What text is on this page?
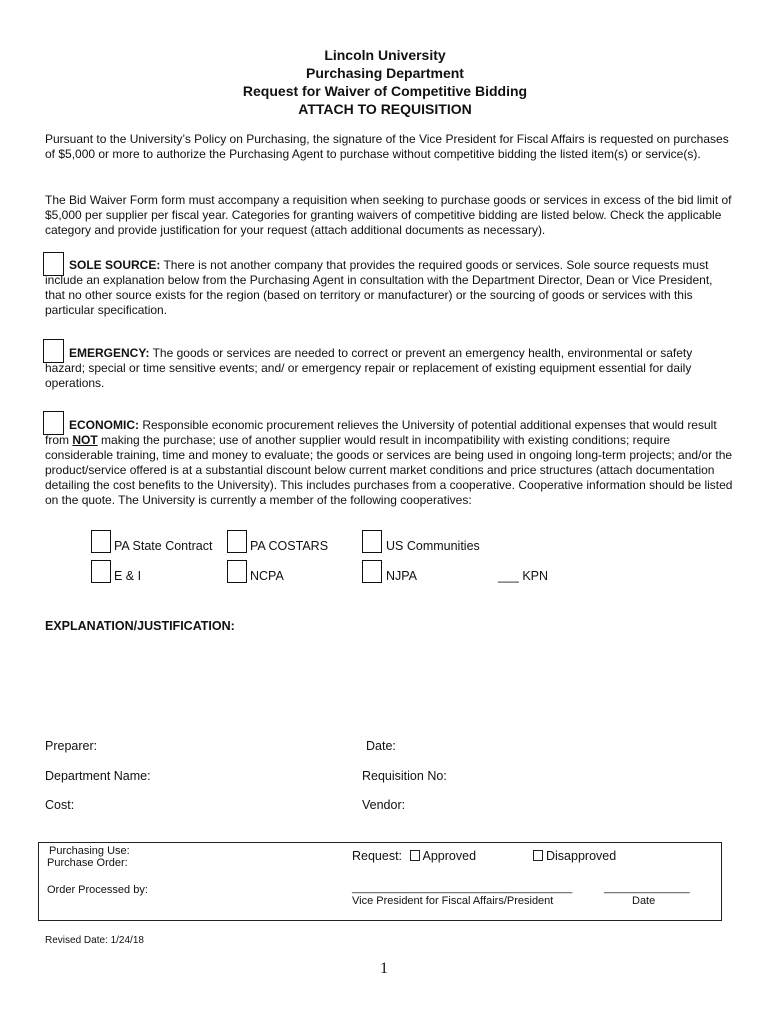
Lincoln University
Purchasing Department
Request for Waiver of Competitive Bidding
ATTACH TO REQUISITION
Pursuant to the University’s Policy on Purchasing, the signature of the Vice President for Fiscal Affairs is requested on purchases of $5,000 or more to authorize the Purchasing Agent to purchase without competitive bidding the listed item(s) or service(s).
The Bid Waiver Form form must accompany a requisition when seeking to purchase goods or services in excess of the bid limit of $5,000 per supplier per fiscal year. Categories for granting waivers of competitive bidding are listed below. Check the applicable category and provide justification for your request (attach additional documents as necessary).
SOLE SOURCE: There is not another company that provides the required goods or services. Sole source requests must include an explanation below from the Purchasing Agent in consultation with the Department Director, Dean or Vice President, that no other source exists for the region (based on territory or manufacturer) or the sourcing of goods or services with this particular specification.
EMERGENCY: The goods or services are needed to correct or prevent an emergency health, environmental or safety hazard; special or time sensitive events; and/ or emergency repair or replacement of existing equipment essential for daily operations.
ECONOMIC: Responsible economic procurement relieves the University of potential additional expenses that would result from NOT making the purchase; use of another supplier would result in incompatibility with existing conditions; require considerable training, time and money to evaluate; the goods or services are being used in ongoing long-term projects; and/or the product/service offered is at a substantial discount below current market conditions and price structures (attach documentation detailing the cost benefits to the University). This includes purchases from a cooperative. Cooperative information should be listed on the quote. The University is currently a member of the following cooperatives:
PA State Contract	PA COSTARS	US Communities
E & I	NCPA	NJPA	___ KPN
EXPLANATION/JUSTIFICATION:
Preparer:	Date:
Department Name:	Requisition No:
Cost:	Vendor:
Purchasing Use:
Purchase Order:
Order Processed by:
Request: Approved	Disapproved
____________________________________	______________
Vice President for Fiscal Affairs/President	Date
Revised Date: 1/24/18
1
